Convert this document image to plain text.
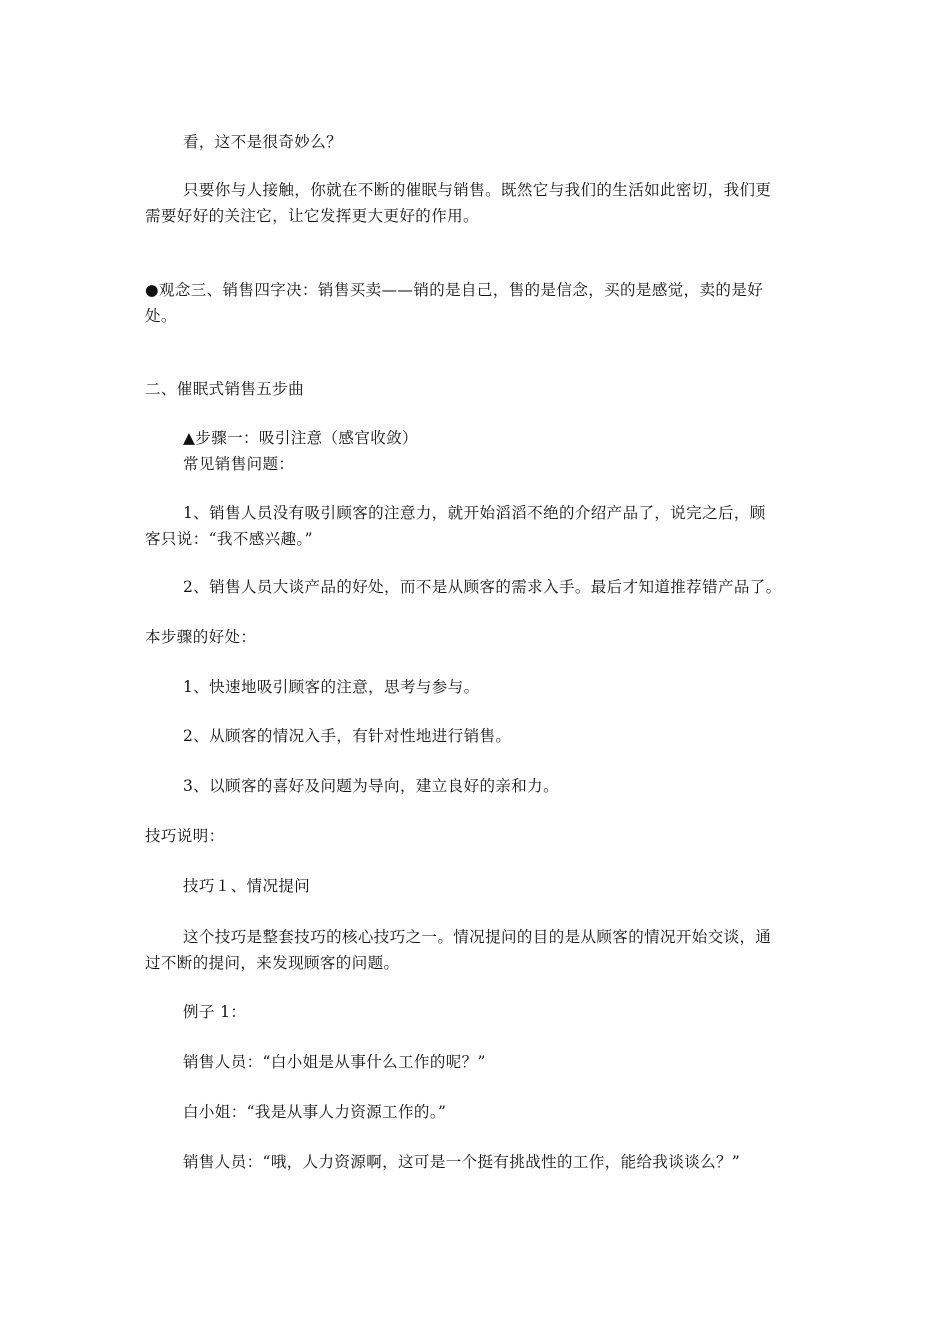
看，这不是很奇妙么？
只要你与人接触，你就在不断的催眠与销售。既然它与我们的生活如此密切，我们更
需要好好的关注它，让它发挥更大更好的作用。
●观念三、销售四字决：销售买卖——销的是自己，售的是信念，买的是感觉，卖的是好
处。
二、催眠式销售五步曲
▲步骤一：吸引注意（感官收敛）
常见销售问题：
1、销售人员没有吸引顾客的注意力，就开始滔滔不绝的介绍产品了，说完之后，顾
客只说：“我不感兴趣。”
2、销售人员大谈产品的好处，而不是从顾客的需求入手。最后才知道推荐错产品了。
本步骤的好处：
1、快速地吸引顾客的注意，思考与参与。
2、从顾客的情况入手，有针对性地进行销售。
3、以顾客的喜好及问题为导向，建立良好的亲和力。
技巧说明：
技巧１、情况提问
这个技巧是整套技巧的核心技巧之一。情况提问的目的是从顾客的情况开始交谈，通
过不断的提问，来发现顾客的问题。
例子 1：
销售人员：“白小姐是从事什么工作的呢？”
白小姐：“我是从事人力资源工作的。”
销售人员：“哦，人力资源啊，这可是一个挺有挑战性的工作，能给我谈谈么？”
